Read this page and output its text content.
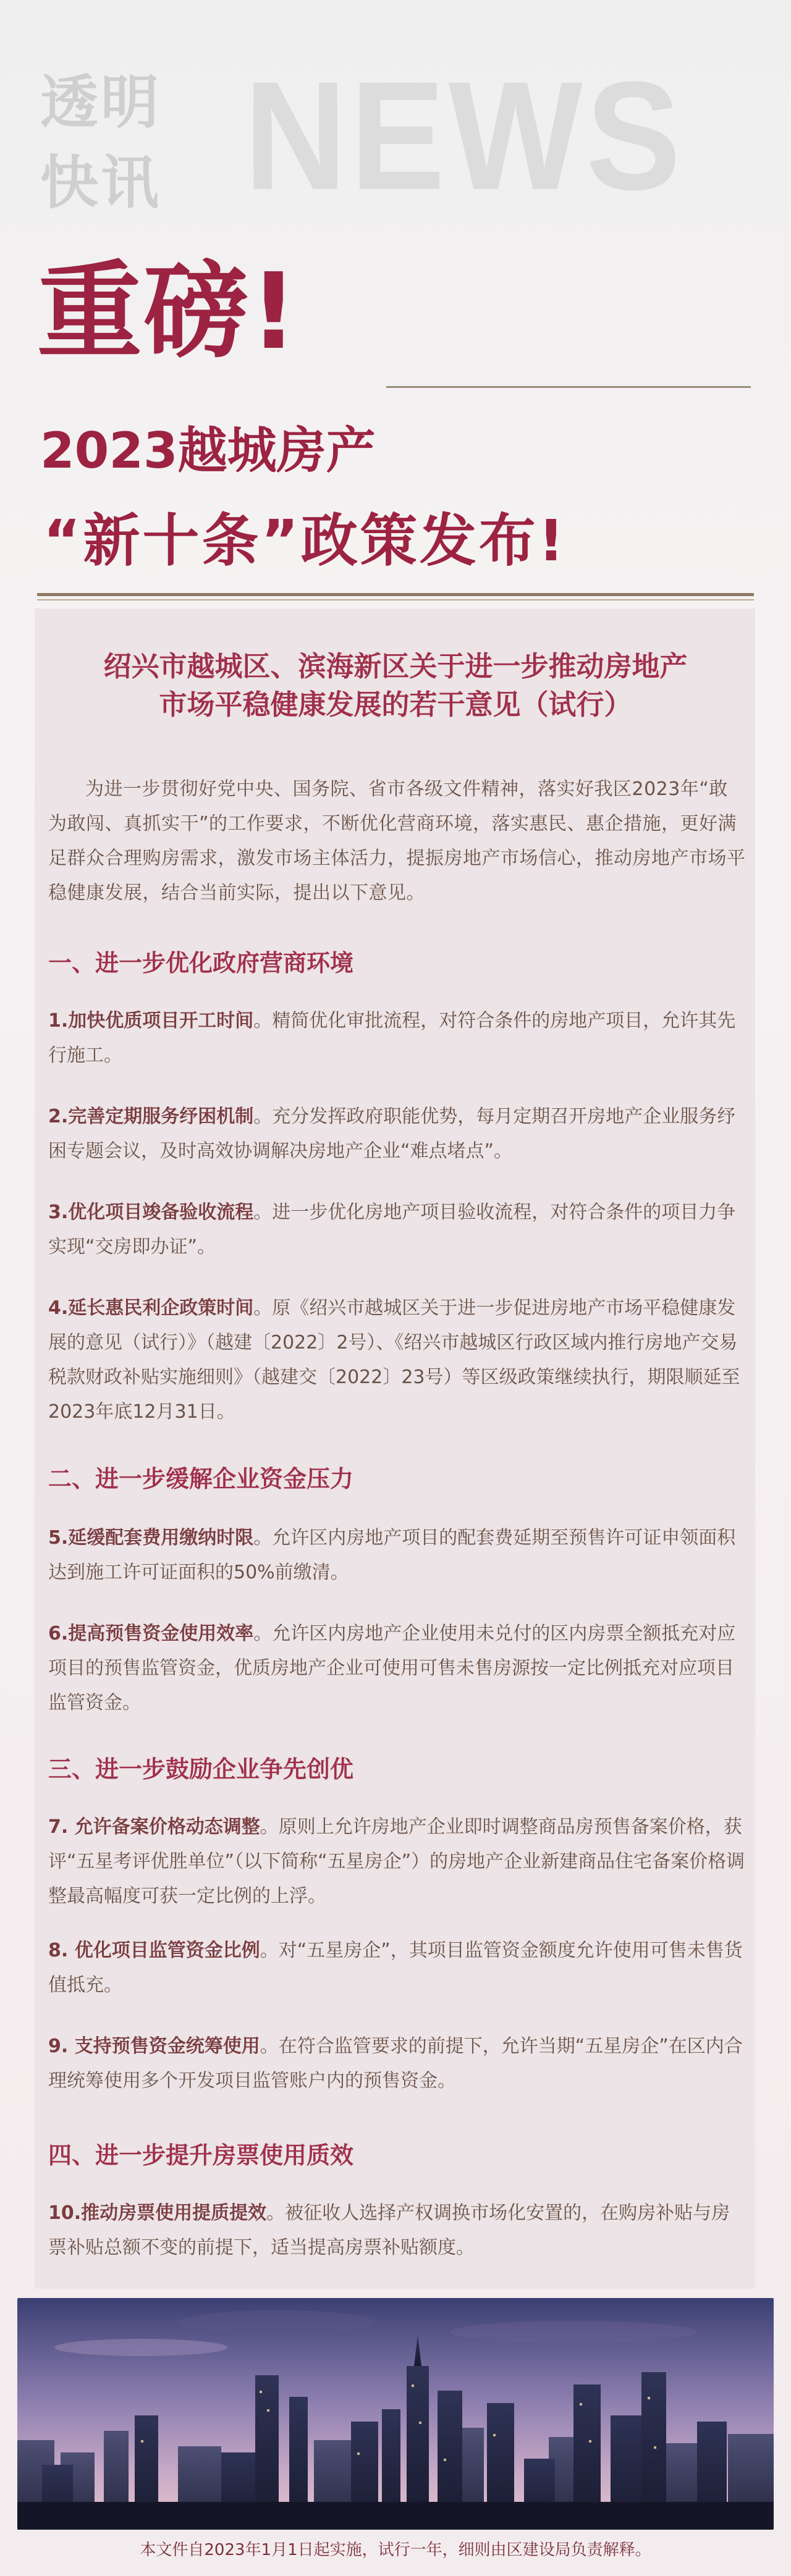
NEWS
透明
快讯
重磅!
2023越城房产
“新十条”政策发布!
绍兴市越城区、滨海新区关于进一步推动房地产
市场平稳健康发展的若干意见（试行）
为进一步贯彻好党中央、国务院、省市各级文件精神，落实好我区2023年“敢为敢闯、真抓实干”的工作要求，不断优化营商环境，落实惠民、惠企措施，更好满足群众合理购房需求，激发市场主体活力，提振房地产市场信心，推动房地产市场平稳健康发展，结合当前实际，提出以下意见。
一、进一步优化政府营商环境
1.加快优质项目开工时间。精简优化审批流程，对符合条件的房地产项目，允许其先行施工。
2.完善定期服务纾困机制。充分发挥政府职能优势，每月定期召开房地产企业服务纾困专题会议，及时高效协调解决房地产企业“难点堵点”。
3.优化项目竣备验收流程。进一步优化房地产项目验收流程，对符合条件的项目力争实现“交房即办证”。
4.延长惠民利企政策时间。原《绍兴市越城区关于进一步促进房地产市场平稳健康发展的意见（试行）》（越建〔2022〕2号）、《绍兴市越城区行政区域内推行房地产交易税款财政补贴实施细则》（越建交〔2022〕23号）等区级政策继续执行，期限顺延至2023年底12月31日。
二、进一步缓解企业资金压力
5.延缓配套费用缴纳时限。允许区内房地产项目的配套费延期至预售许可证申领面积达到施工许可证面积的50%前缴清。
6.提高预售资金使用效率。允许区内房地产企业使用未兑付的区内房票全额抵充对应项目的预售监管资金，优质房地产企业可使用可售未售房源按一定比例抵充对应项目监管资金。
三、进一步鼓励企业争先创优
7. 允许备案价格动态调整。原则上允许房地产企业即时调整商品房预售备案价格，获评“五星考评优胜单位”（以下简称“五星房企”）的房地产企业新建商品住宅备案价格调整最高幅度可获一定比例的上浮。
8. 优化项目监管资金比例。对“五星房企”，其项目监管资金额度允许使用可售未售货值抵充。
9. 支持预售资金统筹使用。在符合监管要求的前提下，允许当期“五星房企”在区内合理统筹使用多个开发项目监管账户内的预售资金。
四、进一步提升房票使用质效
10.推动房票使用提质提效。被征收人选择产权调换市场化安置的，在购房补贴与房票补贴总额不变的前提下，适当提高房票补贴额度。
本文件自2023年1月1日起实施，试行一年，细则由区建设局负责解释。
